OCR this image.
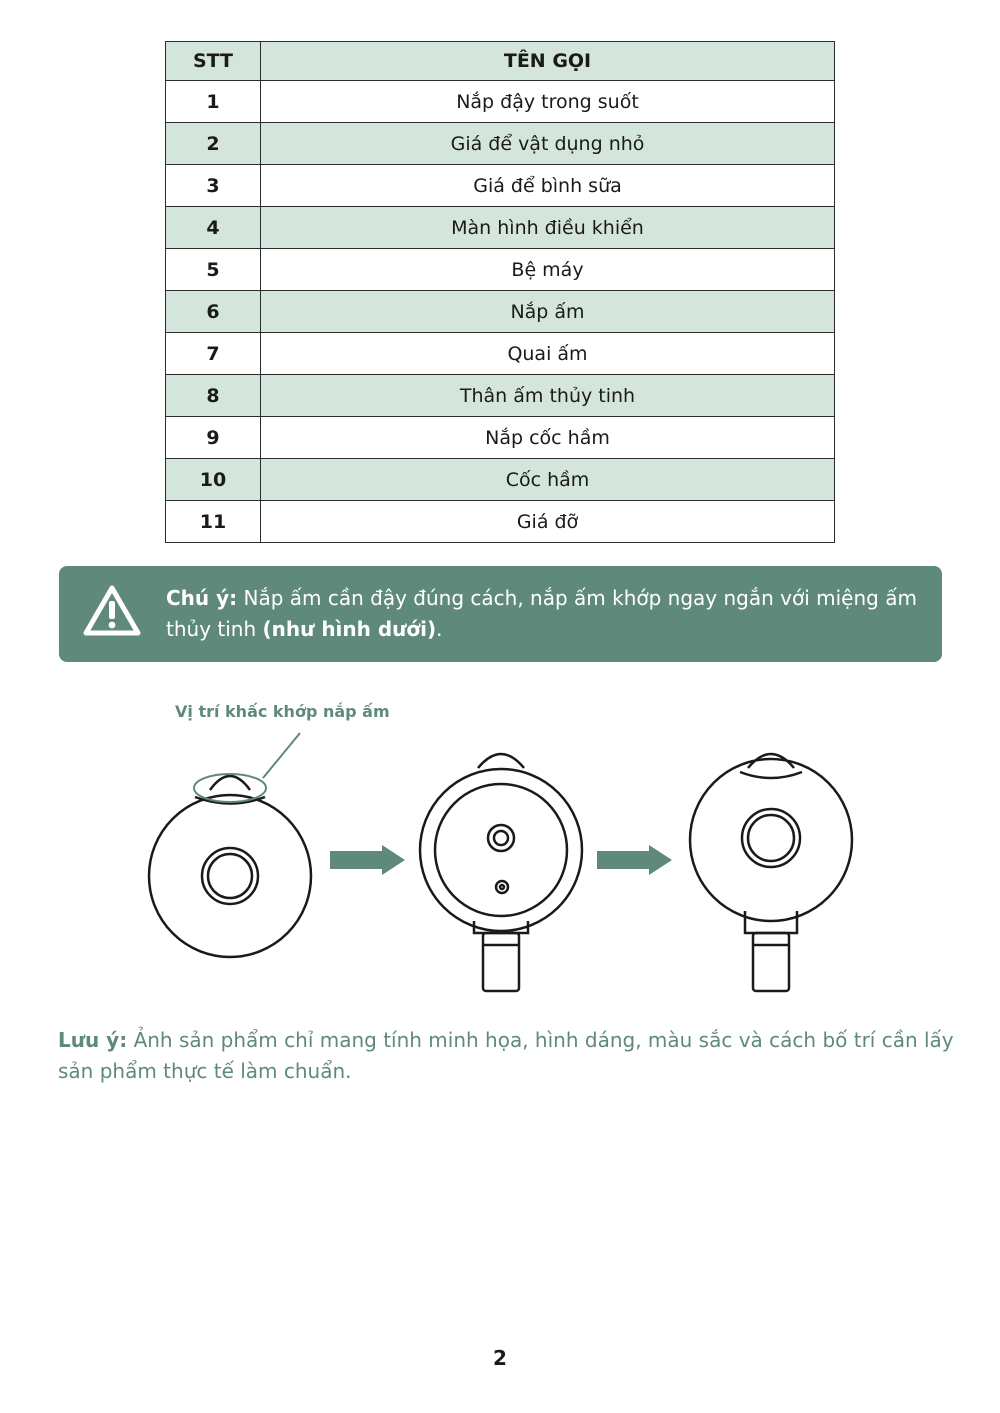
STT	TÊN GỌI
1	Nắp đậy trong suốt
2	Giá để vật dụng nhỏ
3	Giá để bình sữa
4	Màn hình điều khiển
5	Bệ máy
6	Nắp ấm
7	Quai ấm
8	Thân ấm thủy tinh
9	Nắp cốc hầm
10	Cốc hầm
11	Giá đỡ
Chú ý: Nắp ấm cần đậy đúng cách, nắp ấm khớp ngay ngắn với miệng ấm thủy tinh (như hình dưới).
Vị trí khấc khớp nắp ấm
Lưu ý: Ảnh sản phẩm chỉ mang tính minh họa, hình dáng, màu sắc và cách bố trí cần lấy sản phẩm thực tế làm chuẩn.
2
